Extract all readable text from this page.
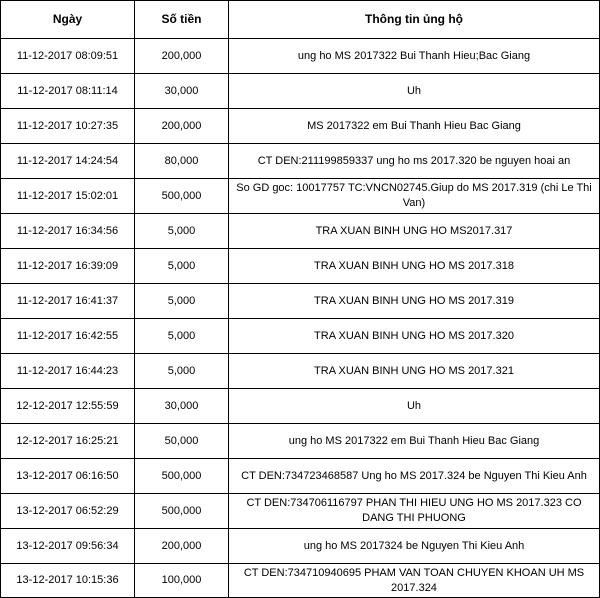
Ngày	Số tiền	Thông tin ủng hộ
11-12-2017 08:09:51	200,000	ung ho MS 2017322 Bui Thanh Hieu;Bac Giang
11-12-2017 08:11:14	30,000	Uh
11-12-2017 10:27:35	200,000	MS 2017322 em Bui Thanh Hieu Bac Giang
11-12-2017 14:24:54	80,000	CT DEN:211199859337 ung ho ms 2017.320 be nguyen hoai an
11-12-2017 15:02:01	500,000	So GD goc: 10017757 TC:VNCN02745.Giup do MS 2017.319 (chi Le Thi Van)
11-12-2017 16:34:56	5,000	TRA XUAN BINH UNG HO MS2017.317
11-12-2017 16:39:09	5,000	TRA XUAN BINH UNG HO MS 2017.318
11-12-2017 16:41:37	5,000	TRA XUAN BINH UNG HO MS 2017.319
11-12-2017 16:42:55	5,000	TRA XUAN BINH UNG HO MS 2017.320
11-12-2017 16:44:23	5,000	TRA XUAN BINH UNG HO MS 2017.321
12-12-2017 12:55:59	30,000	Uh
12-12-2017 16:25:21	50,000	ung ho MS 2017322 em Bui Thanh Hieu Bac Giang
13-12-2017 06:16:50	500,000	CT DEN:734723468587 Ung ho MS 2017.324 be Nguyen Thi Kieu Anh
13-12-2017 06:52:29	500,000	CT DEN:734706116797 PHAN THI HIEU UNG HO MS 2017.323 CO DANG THI PHUONG
13-12-2017 09:56:34	200,000	ung ho MS 2017324 be Nguyen Thi Kieu Anh
13-12-2017 10:15:36	100,000	CT DEN:734710940695 PHAM VAN TOAN CHUYEN KHOAN UH MS 2017.324
